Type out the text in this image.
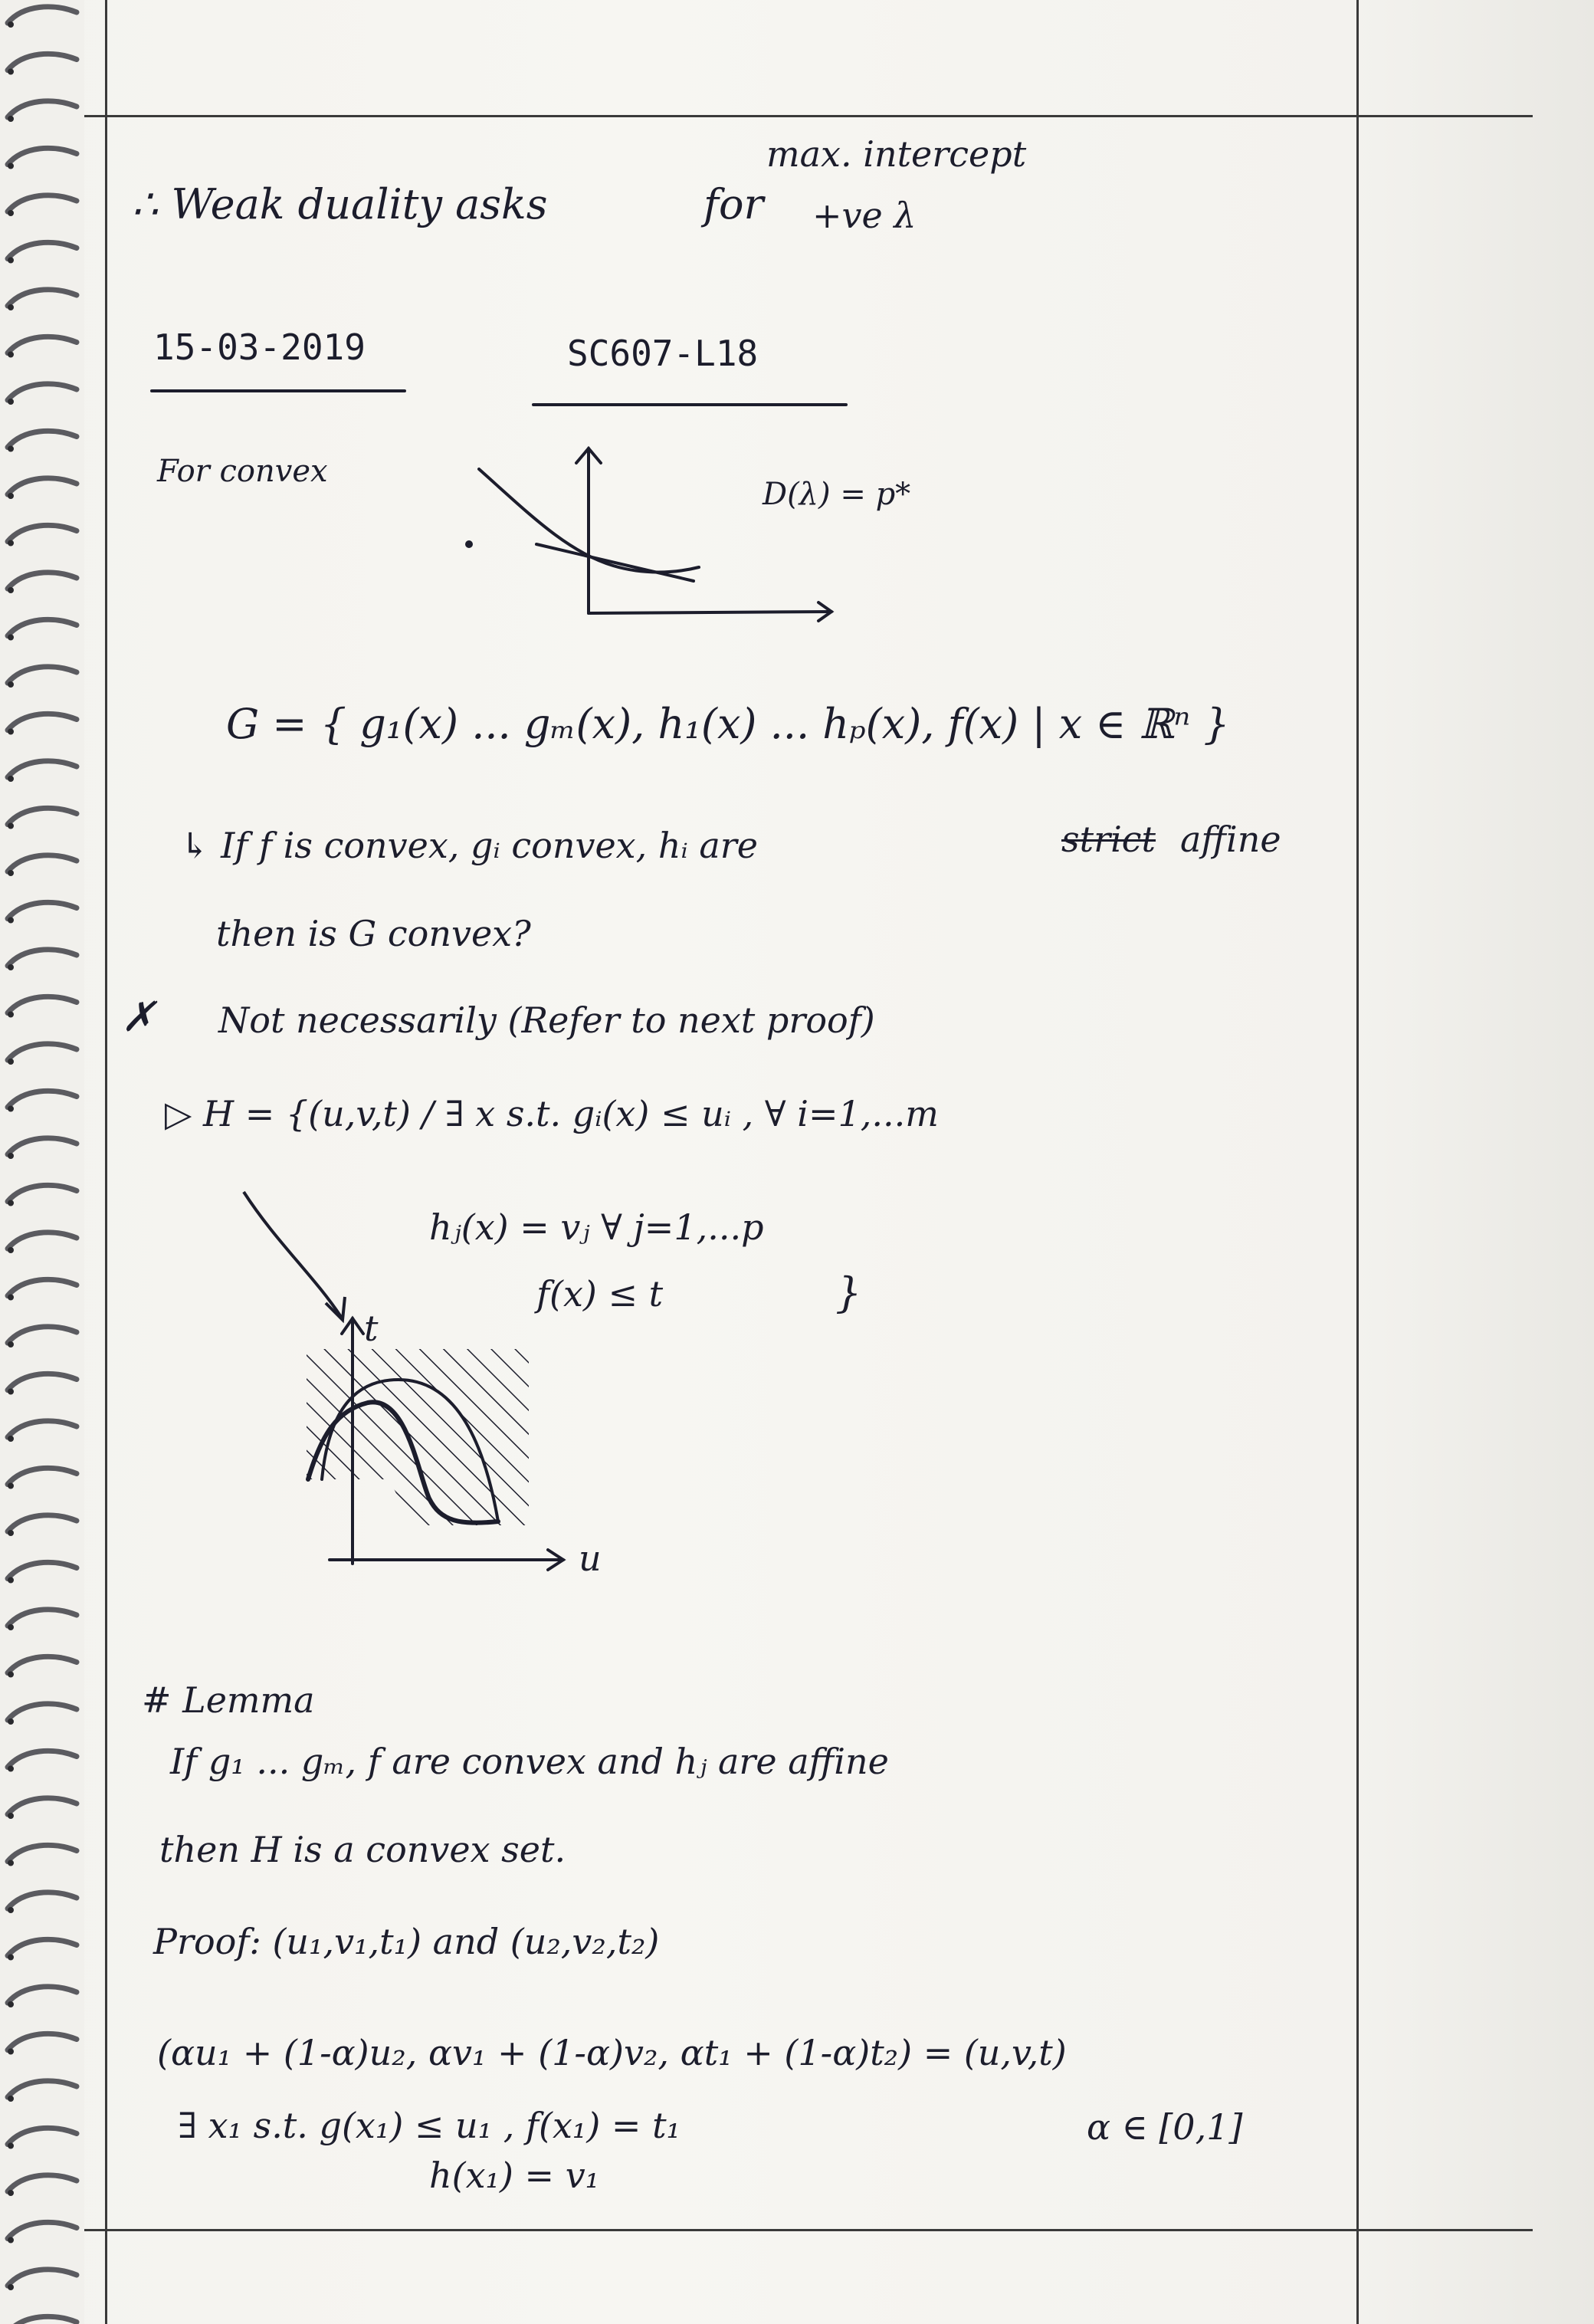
∴ Weak duality asks	for
max. intercept
+ve λ
15-03-2019	SC607-L18
For convex
D(λ) = p*
G = { g₁(x) ... gₘ(x), h₁(x) ... hₚ(x), f(x) | x ∈ ℝⁿ }
↳ If f is convex, gᵢ convex, hᵢ are	strict affine
then is G convex?
✗ Not necessarily (Refer to next proof)
▷ H = {(u,v,t) / ∃ x s.t. gᵢ(x) ≤ uᵢ , ∀ i=1,...m
hⱼ(x) = vⱼ ∀ j=1,...p
f(x) ≤ t	}
t
u
# Lemma
If g₁ ... gₘ, f are convex and hⱼ are affine
then H is a convex set.
Proof: (u₁,v₁,t₁) and (u₂,v₂,t₂)
(αu₁ + (1-α)u₂, αv₁ + (1-α)v₂, αt₁ + (1-α)t₂) = (u,v,t)
∃ x₁ s.t. g(x₁) ≤ u₁ , f(x₁) = t₁	α ∈ [0,1]
h(x₁) = v₁
